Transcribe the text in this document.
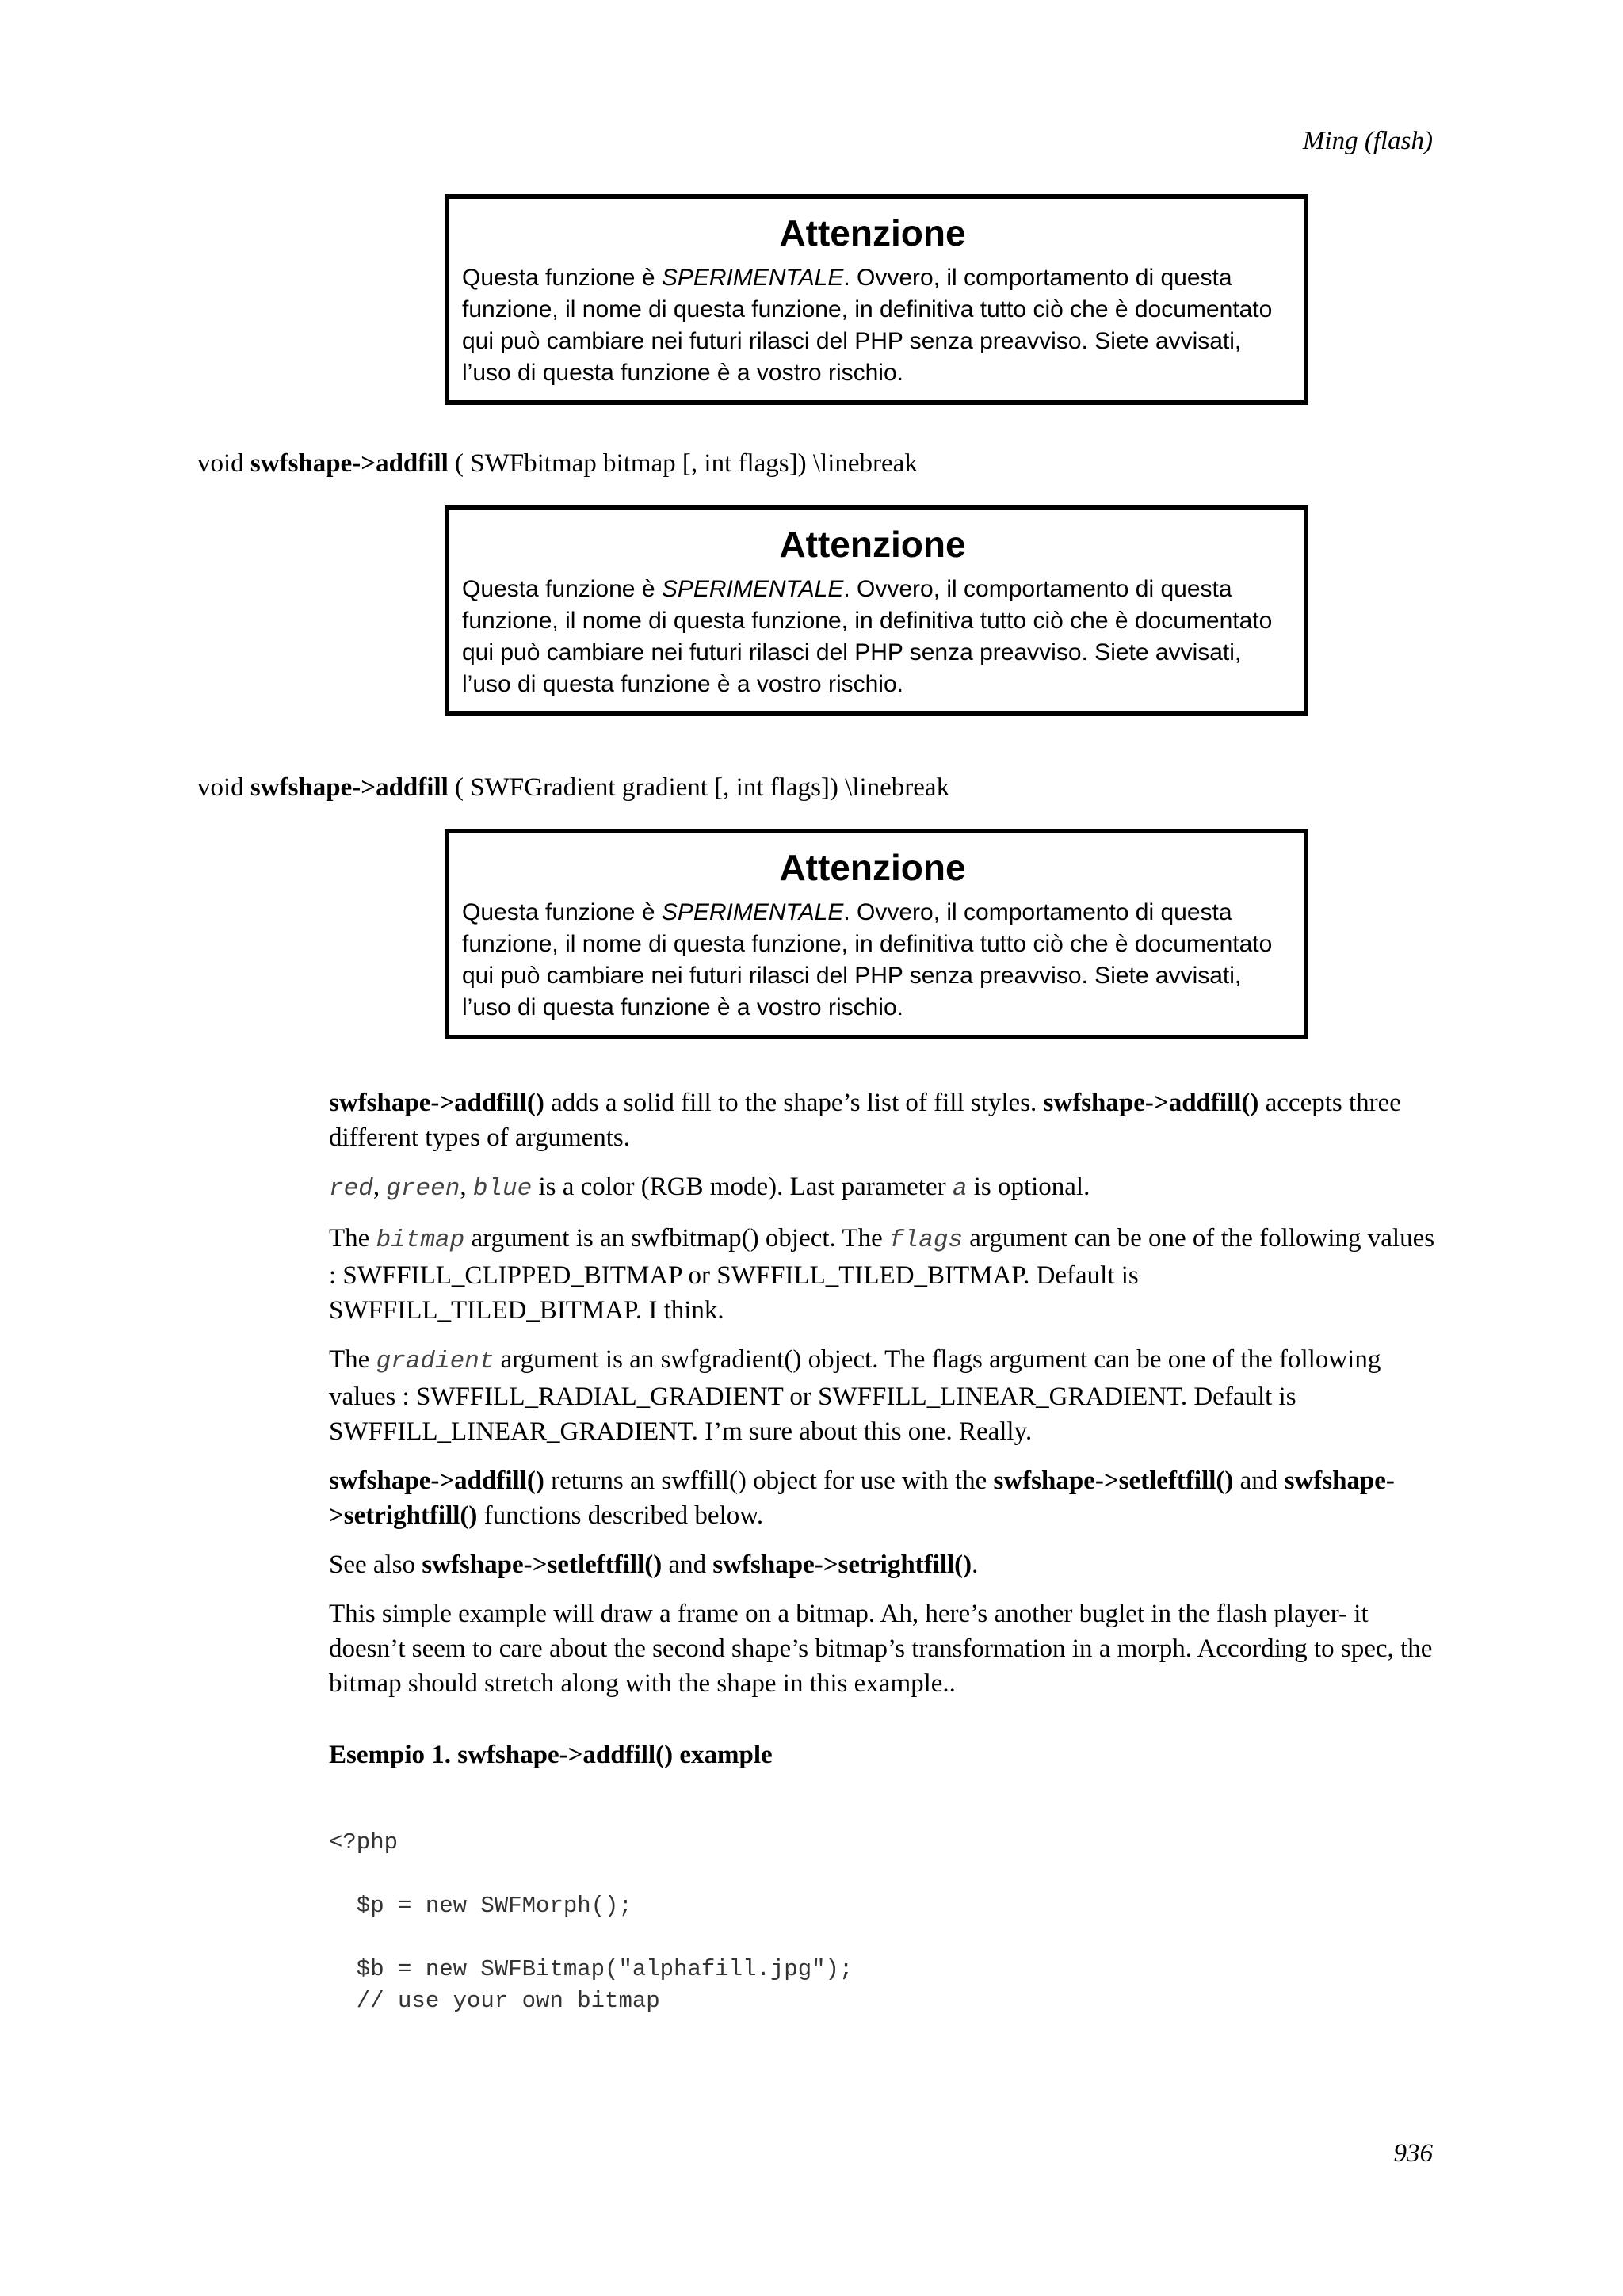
Ming (flash)
Attenzione
Questa funzione è SPERIMENTALE. Ovvero, il comportamento di questa funzione, il nome di questa funzione, in definitiva tutto ciò che è documentato qui può cambiare nei futuri rilasci del PHP senza preavviso. Siete avvisati, l’uso di questa funzione è a vostro rischio.
void swfshape->addfill ( SWFbitmap bitmap [, int flags]) \linebreak
Attenzione
Questa funzione è SPERIMENTALE. Ovvero, il comportamento di questa funzione, il nome di questa funzione, in definitiva tutto ciò che è documentato qui può cambiare nei futuri rilasci del PHP senza preavviso. Siete avvisati, l’uso di questa funzione è a vostro rischio.
void swfshape->addfill ( SWFGradient gradient [, int flags]) \linebreak
Attenzione
Questa funzione è SPERIMENTALE. Ovvero, il comportamento di questa funzione, il nome di questa funzione, in definitiva tutto ciò che è documentato qui può cambiare nei futuri rilasci del PHP senza preavviso. Siete avvisati, l’uso di questa funzione è a vostro rischio.

swfshape->addfill() adds a solid fill to the shape’s list of fill styles. swfshape->addfill() accepts three different types of arguments.

red, green, blue is a color (RGB mode). Last parameter a is optional.

The bitmap argument is an swfbitmap() object. The flags argument can be one of the following values : SWFFILL_CLIPPED_BITMAP or SWFFILL_TILED_BITMAP. Default is SWFFILL_TILED_BITMAP. I think.

The gradient argument is an swfgradient() object. The flags argument can be one of the following values : SWFFILL_RADIAL_GRADIENT or SWFFILL_LINEAR_GRADIENT. Default is SWFFILL_LINEAR_GRADIENT. I’m sure about this one. Really.

swfshape->addfill() returns an swffill() object for use with the swfshape->setleftfill() and swfshape->setrightfill() functions described below.

See also swfshape->setleftfill() and swfshape->setrightfill().

This simple example will draw a frame on a bitmap. Ah, here’s another buglet in the flash player- it doesn’t seem to care about the second shape’s bitmap’s transformation in a morph. According to spec, the bitmap should stretch along with the shape in this example..

Esempio 1. swfshape->addfill() example

<?php

$p = new SWFMorph();

$b = new SWFBitmap("alphafill.jpg");
// use your own bitmap
936
